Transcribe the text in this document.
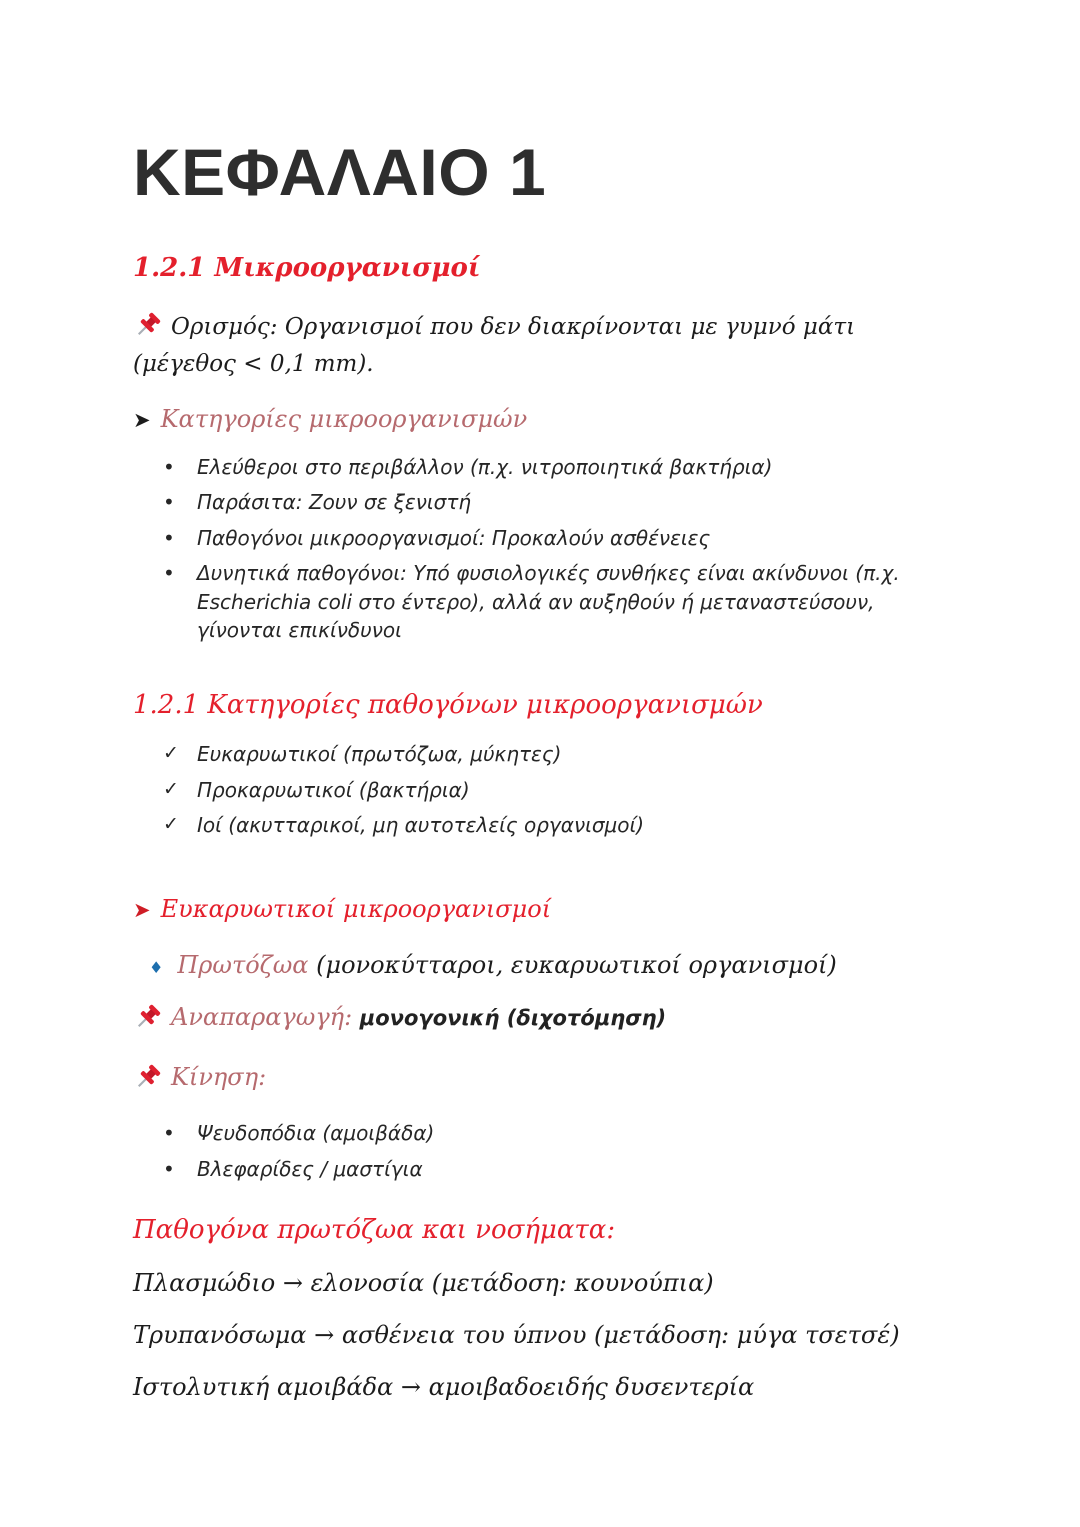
ΚΕΦΑΛΑΙΟ 1
1.2.1 Μικροοργανισμοί

Ορισμός: Οργανισμοί που δεν διακρίνονται με γυμνό μάτι (μέγεθος < 0,1 mm).

➤ Κατηγορίες μικροοργανισμών
•	Ελεύθεροι στο περιβάλλον (π.χ. νιτροποιητικά βακτήρια)
•	Παράσιτα: Ζουν σε ξενιστή
•	Παθογόνοι μικροοργανισμοί: Προκαλούν ασθένειες
•	Δυνητικά παθογόνοι: Υπό φυσιολογικές συνθήκες είναι ακίνδυνοι (π.χ. Escherichia coli στο έντερο), αλλά αν αυξηθούν ή μεταναστεύσουν, γίνονται επικίνδυνοι
1.2.1 Κατηγορίες παθογόνων μικροοργανισμών
✓ Ευκαρυωτικοί (πρωτόζωα, μύκητες)
✓ Προκαρυωτικοί (βακτήρια)
✓ Ιοί (ακυτταρικοί, μη αυτοτελείς οργανισμοί)
➤ Ευκαρυωτικοί μικροοργανισμοί
♦ Πρωτόζωα (μονοκύτταροι, ευκαρυωτικοί οργανισμοί)

Αναπαραγωγή: μονογονική (διχοτόμηση)

Κίνηση:

•	Ψευδοπόδια (αμοιβάδα)
•	Βλεφαρίδες / μαστίγια
Παθογόνα πρωτόζωα και νοσήματα:

Πλασμώδιο → ελονοσία (μετάδοση: κουνούπια)

Τρυπανόσωμα → ασθένεια του ύπνου (μετάδοση: μύγα τσετσέ)

Ιστολυτική αμοιβάδα → αμοιβαδοειδής δυσεντερία
